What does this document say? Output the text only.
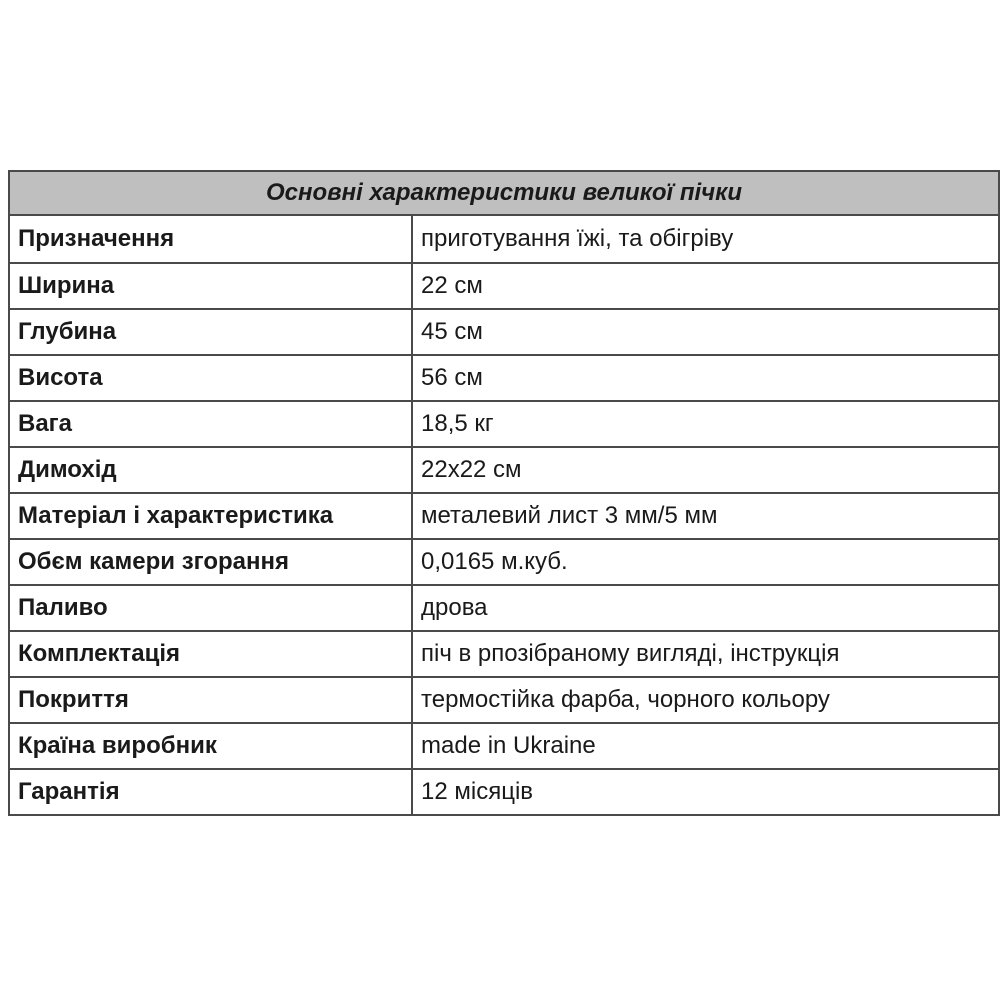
Основні характеристики великої пічки	
Призначення	приготування їжі, та обігріву
Ширина	22 см
Глубина	45 см
Висота	56 см
Вага	18,5 кг
Димохід	22х22 см
Матеріал і характеристика	металевий лист 3 мм/5 мм
Обєм камери згорання	0,0165 м.куб.
Паливо	дрова
Комплектація	піч в рпозібраному вигляді, інструкція
Покриття	термостійка фарба, чорного кольору
Країна виробник	made in Ukraine
Гарантія	12 місяців
